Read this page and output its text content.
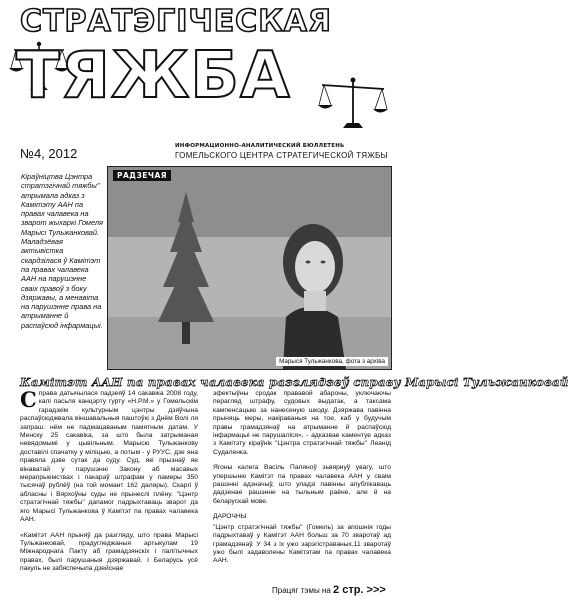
СТРАТЭГІЧЕСКАЯ
ТЯЖБА
№4, 2012	ИНФОРМАЦИОННО-АНАЛИТИЧЕСКИЙ БЮЛЛЕТЕНЬ
ГОМЕЛЬСКОГО ЦЕНТРА СТРАТЕГИЧЕСКОЙ ТЯЖБЫ
Кіраўніцтва Цэнтра стратэгічнай тяжбы" атрымала адказ з Камітэту ААН па правах чалавека на зварот жыхаркі Гомеля Марысі Тульжанковай. Маладзёвая актывістка скардзілася ў Камітэт па правах чалавека ААН на парушэнне сваіх правоў з боку дзяржавы, а менавіта на парушэнне права на атрыманне й распаўсюд інфармацыі.
РАДЗЕЧАЯ
Марыся Тульжанкова, фота з архіва
Камітэт ААН па правах чалавека разглядзеў справу Марысі Тульжанковай

Справа датычылася падзеяў 14 сакавіка 2008 году, калі пасьля канцэрту гурту «Н.Р.М.» у Гомельскім гарадзкім культурным цэнтры дзяўчына распаўсюджвала віншавальныя паштоўкі з Днём Волі ля запраш. нём не падмацаваным памятным датам. У Менску 25 сакавіка, за што была затрыманая невядомымі у цывільным. Марысю Тульжанкову доставілі спачатку у міліцыю, а потым - у РУУС, дзе яна правяла дзве сутак да суду. Суд, які прызнаў яе вінаватай у парушэнні Закону аб масавых мерапрыемствах і пакараў штрафам у памеры 350 тысячаў рублёў (на той момант 162 даляры). Скаргі ў абласны і Вярхоўны суды не прынеслі плёну. "Цэнтр стратэгічнай тяжбы" дапамог падрыхтаваць зварот да яго Марысі Тульжанкова ў Камітэт па правах чалавека ААН.

«Камітэт ААН прыняў да разгляду, што права Марысі Тульжанковай, прадугледжаныя артыкулам 19 Міжнароднага Пакту аб грамадзянскіх і палітычных правах, былі парушаныя дзяржавай. І Беларусь усё пакуль не забяспечыла дзейснае

эфектыўны сродак прававой абароны, уключаючы перагляд штрафу, судовых выдатак, а таксама кампенсацыю за нанесеную шкоду. Дзяржава павінна прыняць меры, накіраваныя на тое, каб у будучым правы грамадзянаў на атрыманне й распаўсюд інфармацыі не парушаліся», - адказвае каментуе адказ з Камітэту кіраўнік "Цэнтра стратэгічнай тяжбы" Леанід Судаленка.

Ягоны калега Васіль Паляноў зьвярнуў увагу, што упершыню Камітэт па правах чалавека ААН у сваім рашэнні адзначыў, што уладзі павінны апублікаваць дадзенае рашэнне на тыльным раёне, але й на беларускай мове.

ДАРОЧНЫ

"Цэнтр стратэгічнай тяжбы" (Гомель) за апошнія годы падрыхтаваў у Камітэт ААН больш за 70 зваротаў ад грамадзянаў. У 34 з іх ужо зарэгістраваных,11 зваротаў ужо былі задаволены Камітэтам па правах чалавека ААН.

Працяг тэмы на 2 стр. >>>
